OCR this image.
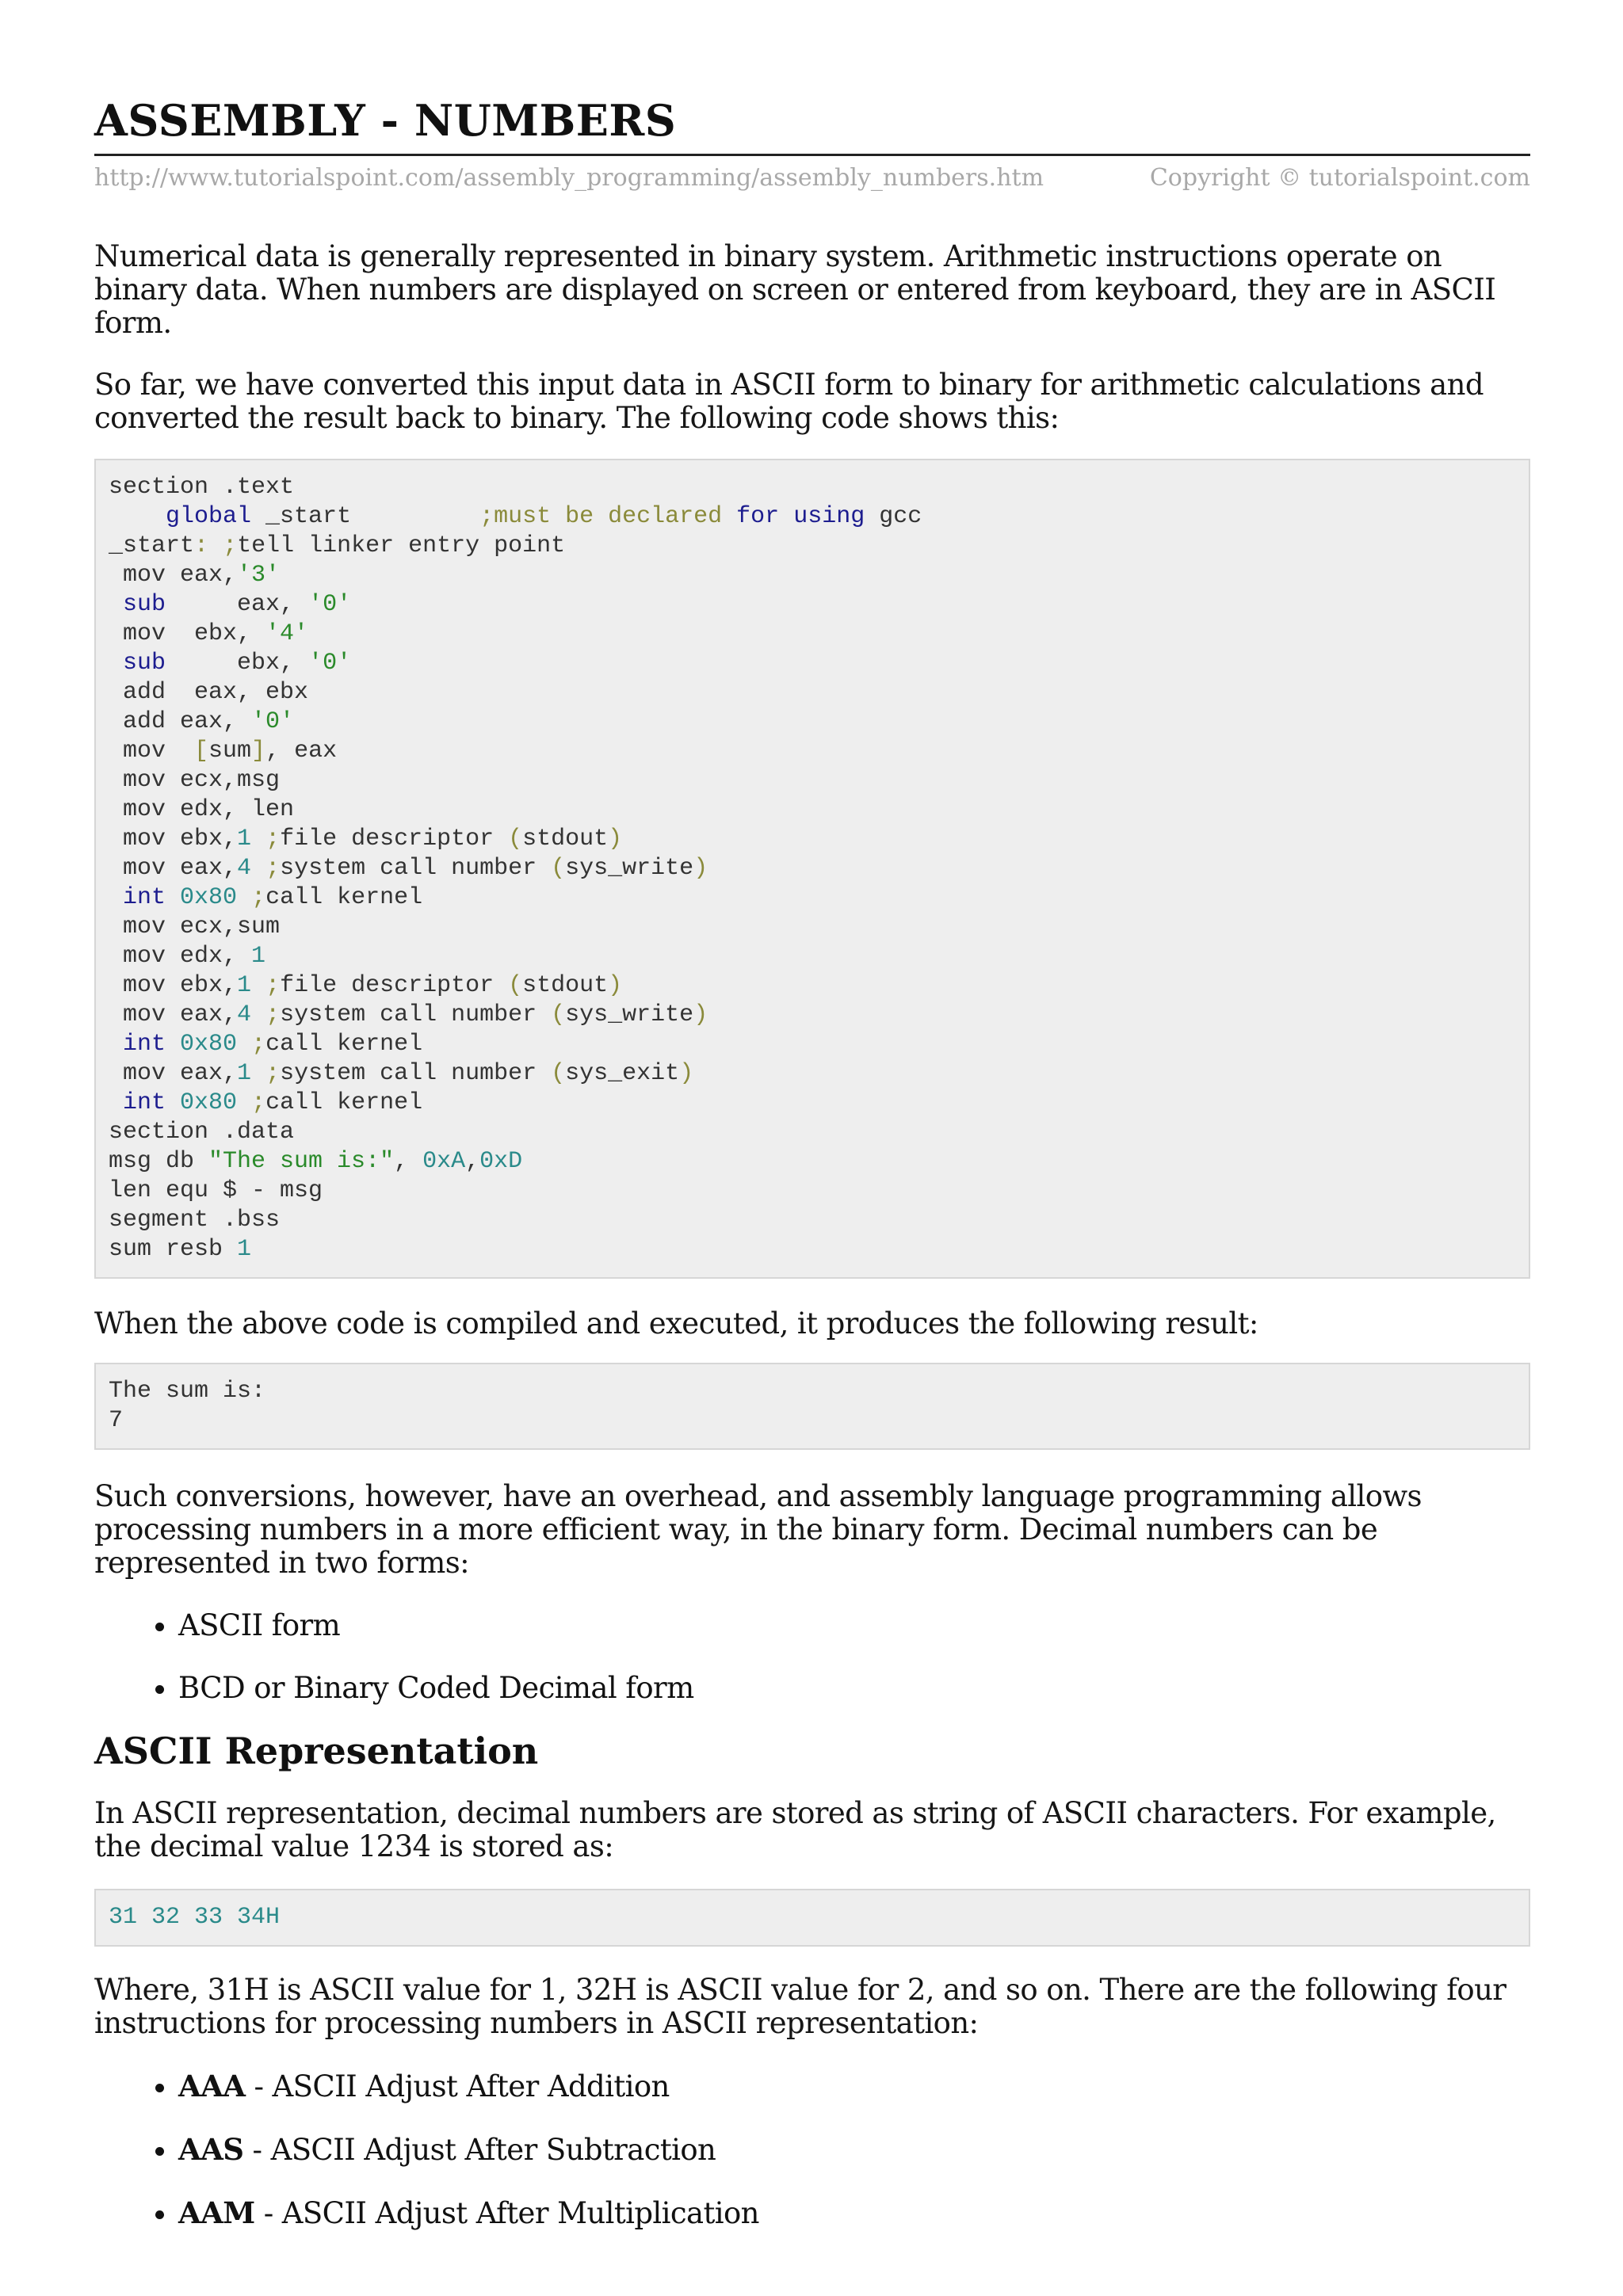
ASSEMBLY - NUMBERS
http://www.tutorialspoint.com/assembly_programming/assembly_numbers.htm	Copyright © tutorialspoint.com

Numerical data is generally represented in binary system. Arithmetic instructions operate on binary data. When numbers are displayed on screen or entered from keyboard, they are in ASCII form.

So far, we have converted this input data in ASCII form to binary for arithmetic calculations and converted the result back to binary. The following code shows this:

section .text
global _start         ;must be declared for using gcc
_start: ;tell linker entry point
mov eax,'3'
sub     eax, '0'
mov  ebx, '4'
sub     ebx, '0'
add  eax, ebx
add eax, '0'
mov  [sum], eax
mov ecx,msg
mov edx, len
mov ebx,1 ;file descriptor (stdout)
mov eax,4 ;system call number (sys_write)
int 0x80 ;call kernel
mov ecx,sum
mov edx, 1
mov ebx,1 ;file descriptor (stdout)
mov eax,4 ;system call number (sys_write)
int 0x80 ;call kernel
mov eax,1 ;system call number (sys_exit)
int 0x80 ;call kernel
section .data
msg db "The sum is:", 0xA,0xD
len equ $ - msg
segment .bss
sum resb 1

When the above code is compiled and executed, it produces the following result:

The sum is:
7

Such conversions, however, have an overhead, and assembly language programming allows processing numbers in a more efficient way, in the binary form. Decimal numbers can be represented in two forms:

• ASCII form
• BCD or Binary Coded Decimal form
ASCII Representation

In ASCII representation, decimal numbers are stored as string of ASCII characters. For example, the decimal value 1234 is stored as:

31 32 33 34H

Where, 31H is ASCII value for 1, 32H is ASCII value for 2, and so on. There are the following four instructions for processing numbers in ASCII representation:

• AAA - ASCII Adjust After Addition
• AAS - ASCII Adjust After Subtraction
• AAM - ASCII Adjust After Multiplication
